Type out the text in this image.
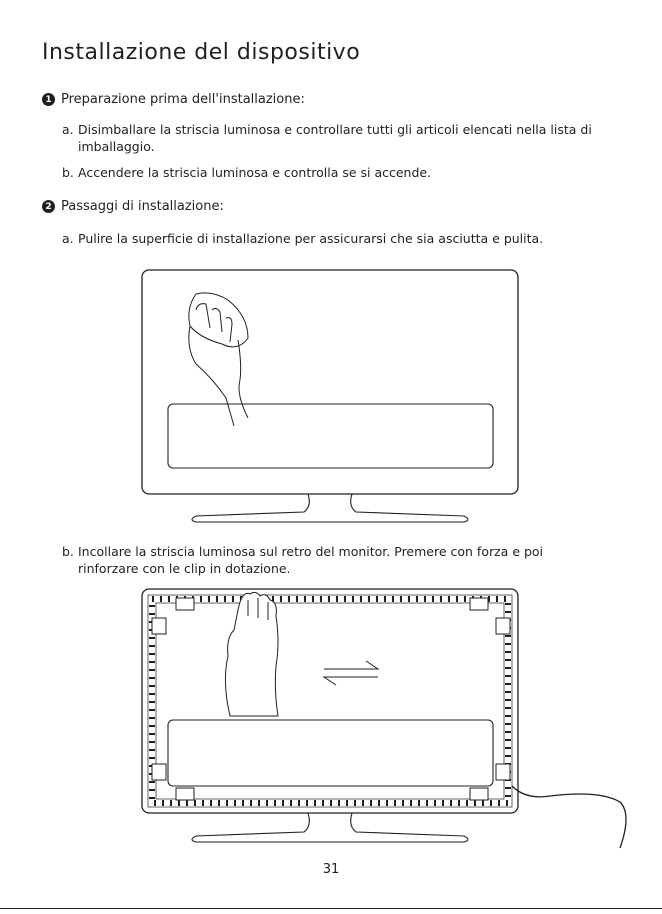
Installazione del dispositivo
1 Preparazione prima dell'installazione:
a. Disimballare la striscia luminosa e controllare tutti gli articoli elencati nella lista di
imballaggio.
b. Accendere la striscia luminosa e controlla se si accende.
2 Passaggi di installazione:
a. Pulire la superficie di installazione per assicurarsi che sia asciutta e pulita.
b. Incollare la striscia luminosa sul retro del monitor. Premere con forza e poi
rinforzare con le clip in dotazione.
31
